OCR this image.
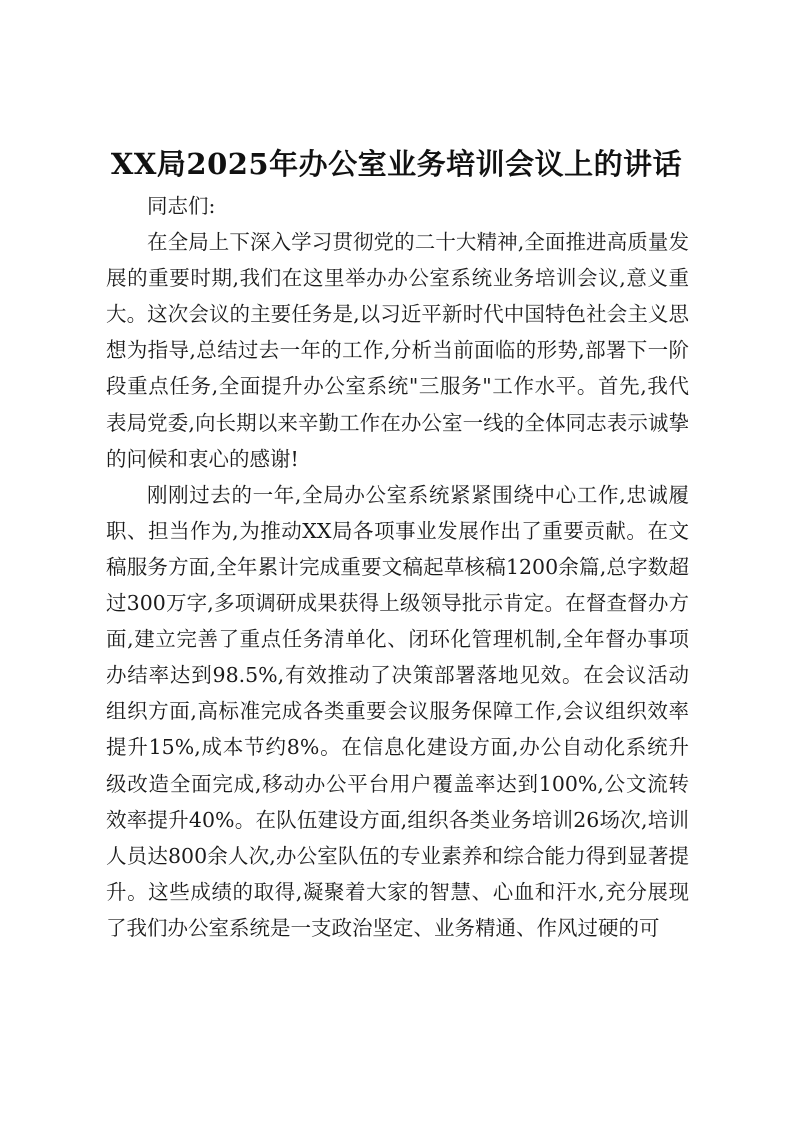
XX局2025年办公室业务培训会议上的讲话

同志们:

在全局上下深入学习贯彻党的二十大精神,全面推进高质量发展的重要时期,我们在这里举办办公室系统业务培训会议,意义重大。这次会议的主要任务是,以习近平新时代中国特色社会主义思想为指导,总结过去一年的工作,分析当前面临的形势,部署下一阶段重点任务,全面提升办公室系统"三服务"工作水平。首先,我代表局党委,向长期以来辛勤工作在办公室一线的全体同志表示诚挚的问候和衷心的感谢!

刚刚过去的一年,全局办公室系统紧紧围绕中心工作,忠诚履职、担当作为,为推动XX局各项事业发展作出了重要贡献。在文稿服务方面,全年累计完成重要文稿起草核稿1200余篇,总字数超过300万字,多项调研成果获得上级领导批示肯定。在督查督办方面,建立完善了重点任务清单化、闭环化管理机制,全年督办事项办结率达到98.5%,有效推动了决策部署落地见效。在会议活动组织方面,高标准完成各类重要会议服务保障工作,会议组织效率提升15%,成本节约8%。在信息化建设方面,办公自动化系统升级改造全面完成,移动办公平台用户覆盖率达到100%,公文流转效率提升40%。在队伍建设方面,组织各类业务培训26场次,培训人员达800余人次,办公室队伍的专业素养和综合能力得到显著提升。这些成绩的取得,凝聚着大家的智慧、心血和汗水,充分展现了我们办公室系统是一支政治坚定、业务精通、作风过硬的可
